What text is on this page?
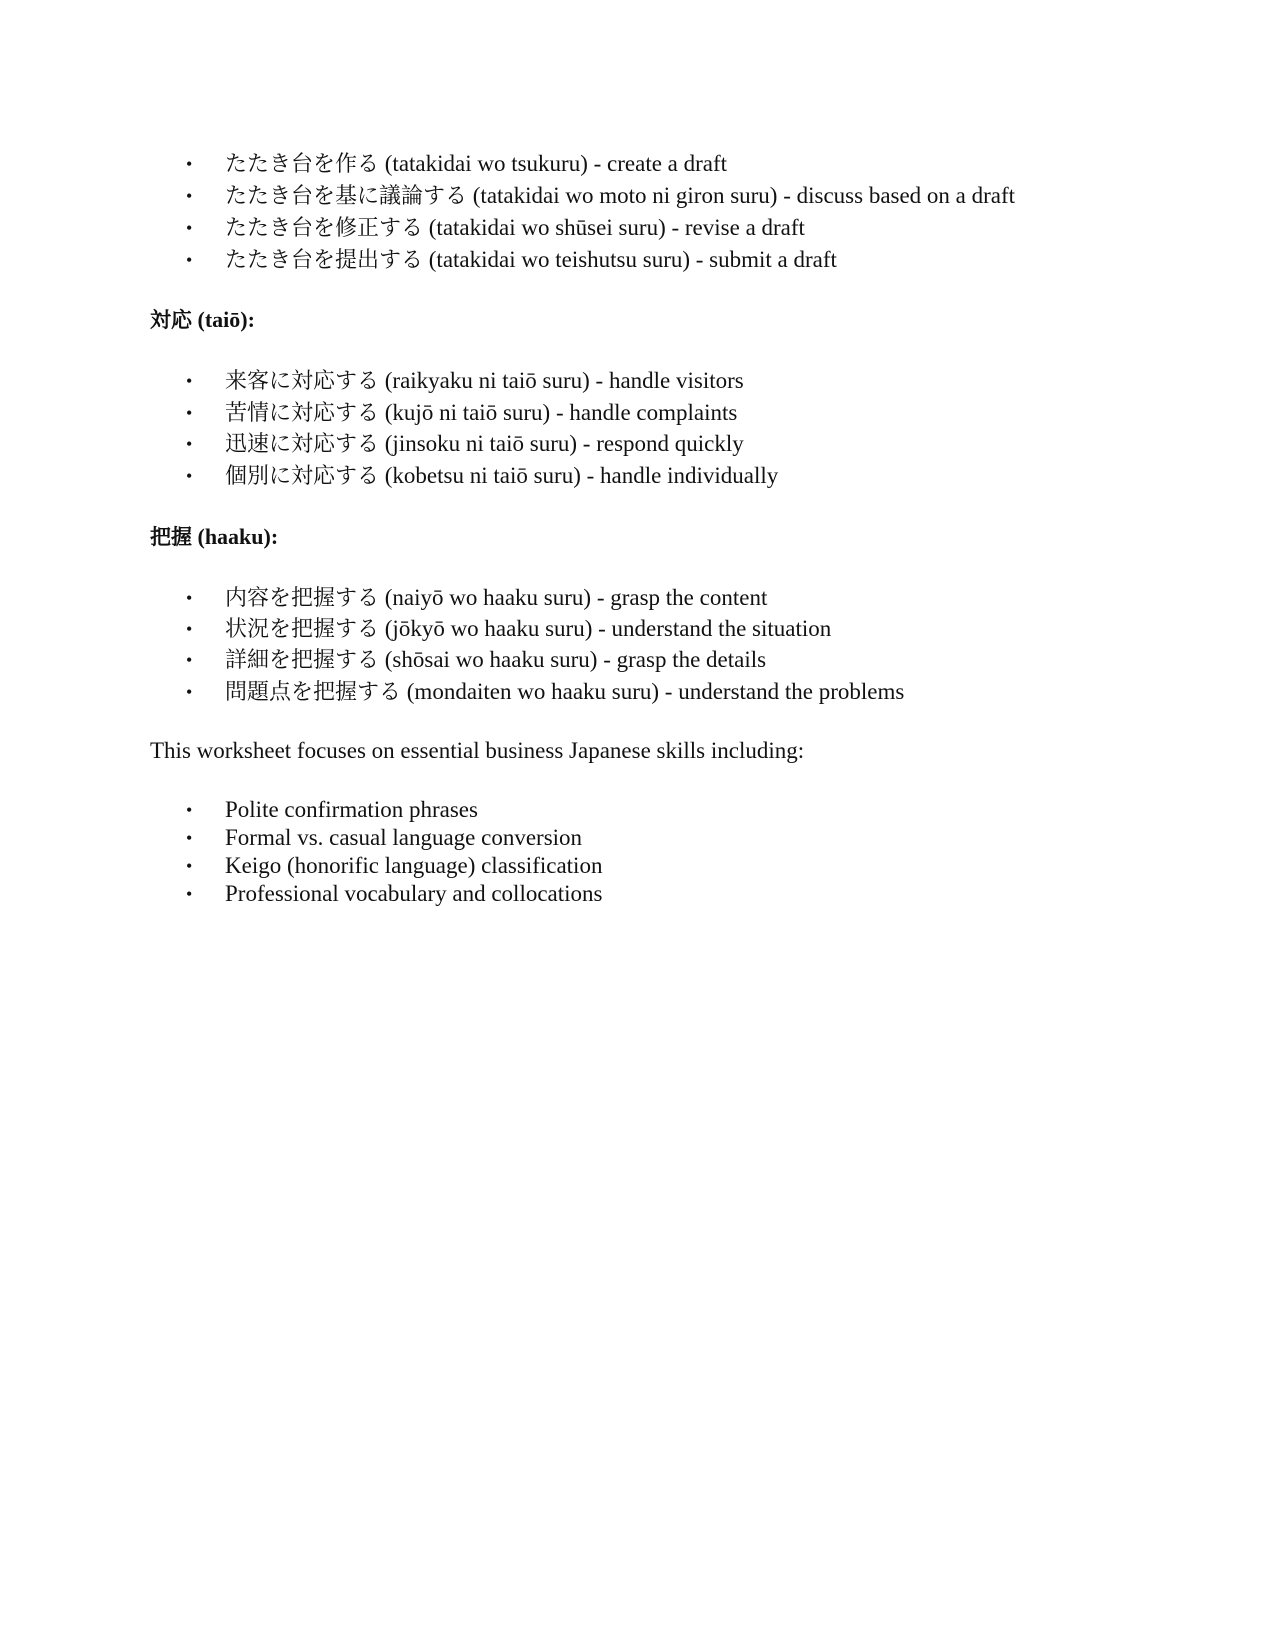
• たたき台を作る (tatakidai wo tsukuru) - create a draft
• たたき台を基に議論する (tatakidai wo moto ni giron suru) - discuss based on a draft
• たたき台を修正する (tatakidai wo shūsei suru) - revise a draft
• たたき台を提出する (tatakidai wo teishutsu suru) - submit a draft
対応 (taiō):
• 来客に対応する (raikyaku ni taiō suru) - handle visitors
• 苦情に対応する (kujō ni taiō suru) - handle complaints
• 迅速に対応する (jinsoku ni taiō suru) - respond quickly
• 個別に対応する (kobetsu ni taiō suru) - handle individually
把握 (haaku):
• 内容を把握する (naiyō wo haaku suru) - grasp the content
• 状況を把握する (jōkyō wo haaku suru) - understand the situation
• 詳細を把握する (shōsai wo haaku suru) - grasp the details
• 問題点を把握する (mondaiten wo haaku suru) - understand the problems

This worksheet focuses on essential business Japanese skills including:

• Polite confirmation phrases
• Formal vs. casual language conversion
• Keigo (honorific language) classification
• Professional vocabulary and collocations
